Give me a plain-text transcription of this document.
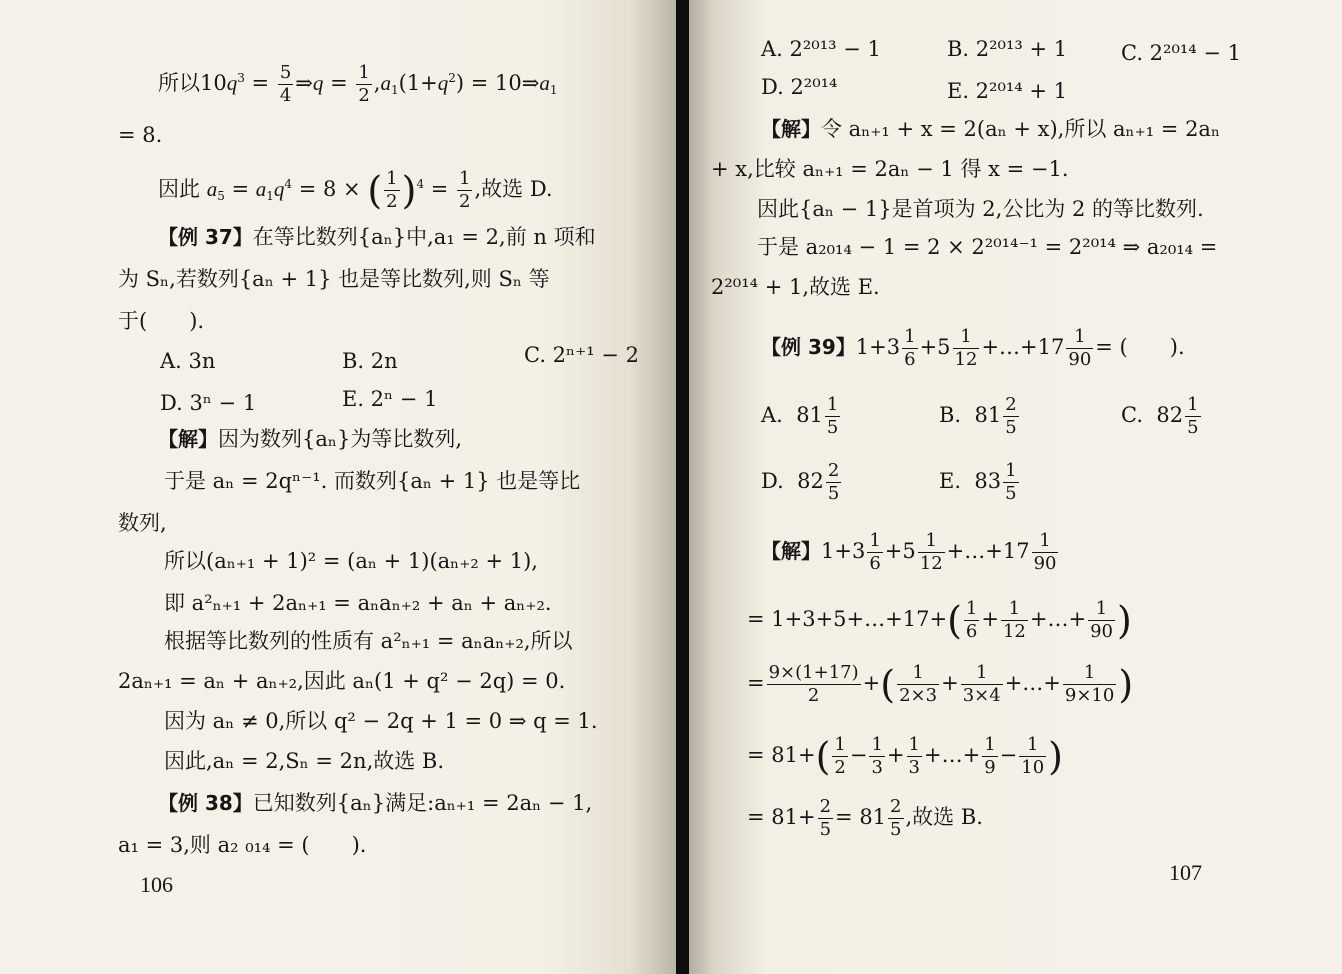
所以$10q^3 = \frac{5}{4}$ ⇒q = $\frac{1}{2} ,a_1(1+q^2)$ = $10\Rightarrow a_1$
= 8.
因此 $a_5 = a_1q^4 = 8$ × ( $\frac{1}{2} )^4 = \frac{1}{2}$ ,故选 D.
【例 37】在等比数列{aₙ}中,a₁ = 2,前 n 项和
为 Sₙ,若数列{aₙ + 1} 也是等比数列,则 Sₙ 等
于(　　).
A. 3n	B. 2n	C. 2ⁿ⁺¹ − 2
D. 3ⁿ − 1	E. 2ⁿ − 1
【解】因为数列{aₙ}为等比数列,
于是 aₙ = 2qⁿ⁻¹. 而数列{aₙ + 1} 也是等比
数列,
所以(aₙ₊₁ + 1)² = (aₙ + 1)(aₙ₊₂ + 1),
即 a²ₙ₊₁ + 2aₙ₊₁ = aₙaₙ₊₂ + aₙ + aₙ₊₂.
根据等比数列的性质有 a²ₙ₊₁ = aₙaₙ₊₂,所以
2aₙ₊₁ = aₙ + aₙ₊₂,因此 aₙ(1 + q² − 2q) = 0.
因为 aₙ ≠ 0,所以 q² − 2q + 1 = 0 ⇒ q = 1.
因此,aₙ = 2,Sₙ = 2n,故选 B.
【例 38】已知数列{aₙ}满足:aₙ₊₁ = 2aₙ − 1,
a₁ = 3,则 a₂ ₀₁₄ = (　　).
106
A. 2²⁰¹³ − 1	B. 2²⁰¹³ + 1	C. 2²⁰¹⁴ − 1
D. 2²⁰¹⁴	E. 2²⁰¹⁴ + 1
【解】令 aₙ₊₁ + x = 2(aₙ + x),所以 aₙ₊₁ = 2aₙ
+ x,比较 aₙ₊₁ = 2aₙ − 1 得 x = −1.
因此{aₙ − 1}是首项为 2,公比为 2 的等比数列.
于是 a₂₀₁₄ − 1 = 2 × 2²⁰¹⁴⁻¹ = 2²⁰¹⁴ ⇒ a₂₀₁₄ =
2²⁰¹⁴ + 1,故选 E.
【例 39】$1+3 \frac{1}{6} +5 \frac{1}{12}$ +…+17 $\frac{1}{90}$ = (　　).
A.  $81 \frac{1}{5}$	B.  $81 \frac{2}{5}$	C.  $82 \frac{1}{5}$
D.  $82 \frac{2}{5}$	E.  $83 \frac{1}{5}$
【解】$1+3 \frac{1}{6} +5 \frac{1}{12}$ +…+17 $\frac{1}{90}$
= 1+3+5+…+17+( $\frac{1}{6} + \frac{1}{12}$ +…+ $\frac{1}{90}$ )
= $\frac{9\times(1+17)}{2}$ +( $\frac{1}{2\times 3} + \frac{1}{3\times 4}$ +…+ $\frac{1}{9\times 10}$ )
= $81+( \frac{1}{2} - \frac{1}{3} + \frac{1}{3}$ +…+ $\frac{1}{9} - \frac{1}{10}$ )
= $81+ \frac{2}{5} = 81 \frac{2}{5}$ ,故选 B.
107
